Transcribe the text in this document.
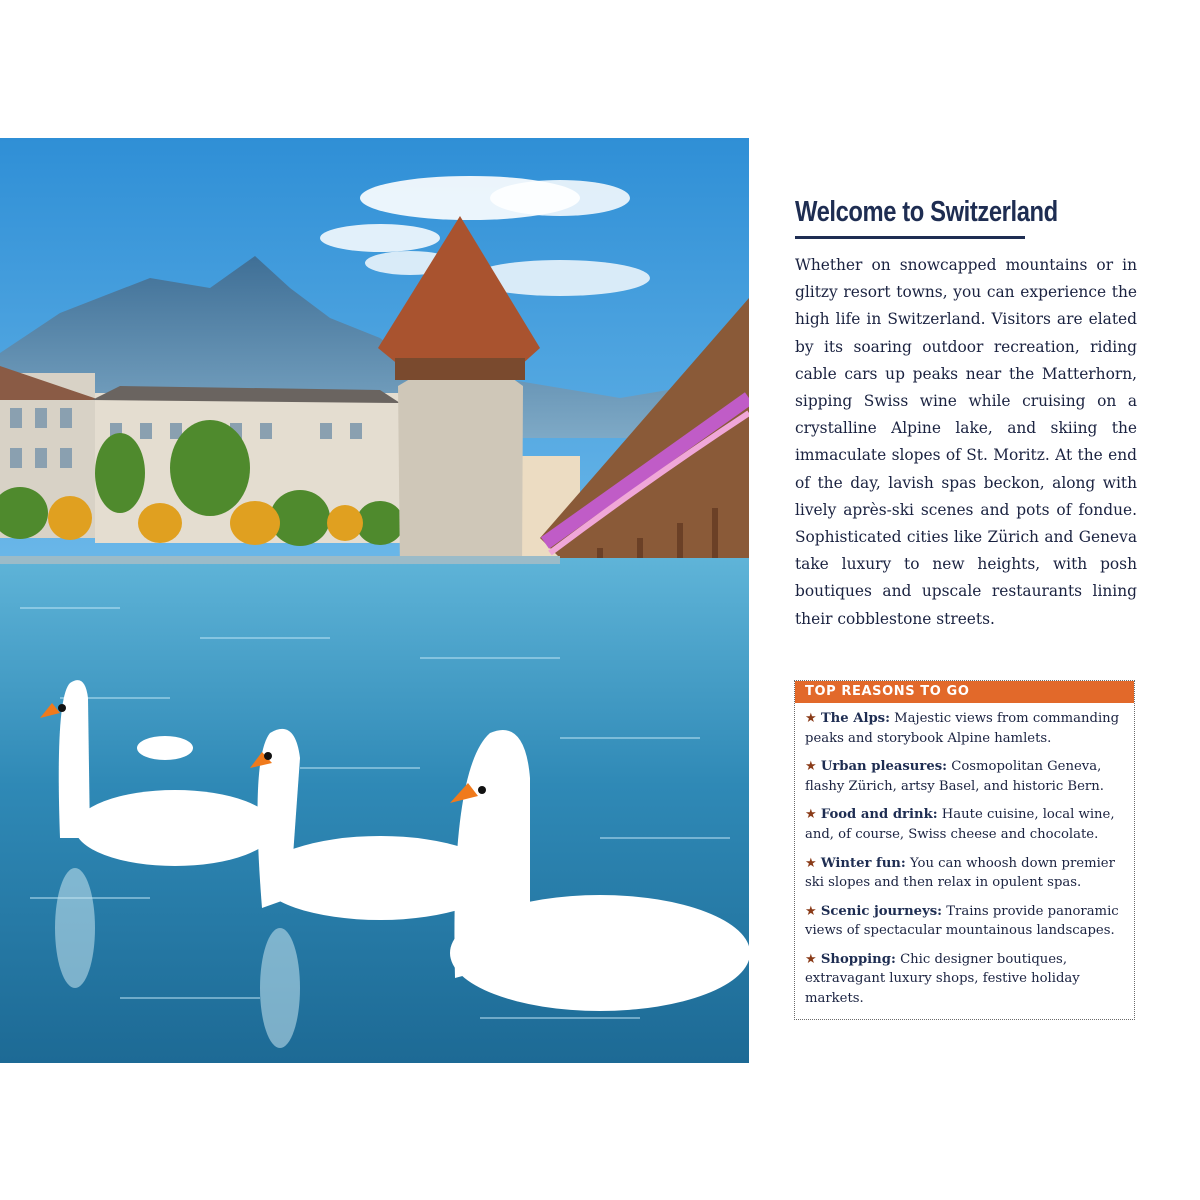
Welcome to Switzerland

Whether on snowcapped mountains or in glitzy resort towns, you can experience the high life in Switzerland. Visitors are elated by its soaring outdoor recreation, riding cable cars up peaks near the Matterhorn, sipping Swiss wine while cruising on a crystalline Alpine lake, and skiing the immaculate slopes of St. Moritz. At the end of the day, lavish spas beckon, along with lively après-ski scenes and pots of fondue. Sophisticated cities like Zürich and Geneva take luxury to new heights, with posh boutiques and upscale restaurants lining their cobblestone streets.

TOP REASONS TO GO
★ The Alps: Majestic views from commanding peaks and storybook Alpine hamlets.
★ Urban pleasures: Cosmopolitan Geneva, flashy Zürich, artsy Basel, and historic Bern.
★ Food and drink: Haute cuisine, local wine, and, of course, Swiss cheese and chocolate.
★ Winter fun: You can whoosh down premier ski slopes and then relax in opulent spas.
★ Scenic journeys: Trains provide panoramic views of spectacular mountainous landscapes.
★ Shopping: Chic designer boutiques, extravagant luxury shops, festive holiday markets.
